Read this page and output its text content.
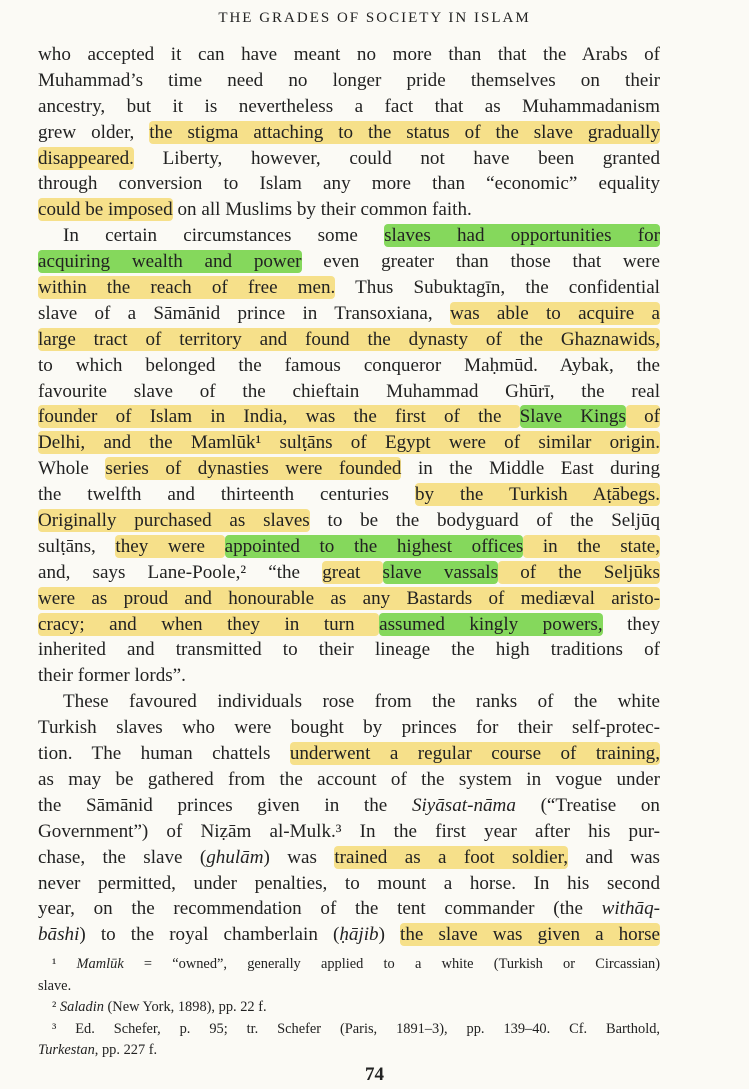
THE GRADES OF SOCIETY IN ISLAM
who accepted it can have meant no more than that the Arabs of
Muhammad’s time need no longer pride themselves on their
ancestry, but it is nevertheless a fact that as Muhammadanism
grew older, the stigma attaching to the status of the slave gradually
disappeared. Liberty, however, could not have been granted
through conversion to Islam any more than “economic” equality
could be imposed on all Muslims by their common faith.
In certain circumstances some slaves had opportunities for
acquiring wealth and power even greater than those that were
within the reach of free men. Thus Subuktagīn, the confidential
slave of a Sāmānid prince in Transoxiana, was able to acquire a
large tract of territory and found the dynasty of the Ghaznawids,
to which belonged the famous conqueror Maḥmūd. Aybak, the
favourite slave of the chieftain Muhammad Ghūrī, the real
founder of Islam in India, was the first of the Slave Kings of
Delhi, and the Mamlūk¹ sulṭāns of Egypt were of similar origin.
Whole series of dynasties were founded in the Middle East during
the twelfth and thirteenth centuries by the Turkish Aṭābegs.
Originally purchased as slaves to be the bodyguard of the Seljūq
sulṭāns, they were appointed to the highest offices in the state,
and, says Lane-Poole,² “the great slave vassals of the Seljūks
were as proud and honourable as any Bastards of mediæval aristo-
cracy; and when they in turn assumed kingly powers, they
inherited and transmitted to their lineage the high traditions of
their former lords”.
These favoured individuals rose from the ranks of the white
Turkish slaves who were bought by princes for their self-protec-
tion. The human chattels underwent a regular course of training,
as may be gathered from the account of the system in vogue under
the Sāmānid princes given in the Siyāsat-nāma (“Treatise on
Government”) of Niẓām al-Mulk.³ In the first year after his pur-
chase, the slave (ghulām) was trained as a foot soldier, and was
never permitted, under penalties, to mount a horse. In his second
year, on the recommendation of the tent commander (the withāq-
bāshi) to the royal chamberlain (ḥājib) the slave was given a horse
¹ Mamlūk = “owned”, generally applied to a white (Turkish or Circassian)
slave.
² Saladin (New York, 1898), pp. 22 f.
³ Ed. Schefer, p. 95; tr. Schefer (Paris, 1891–3), pp. 139–40. Cf. Barthold,
Turkestan, pp. 227 f.
74
